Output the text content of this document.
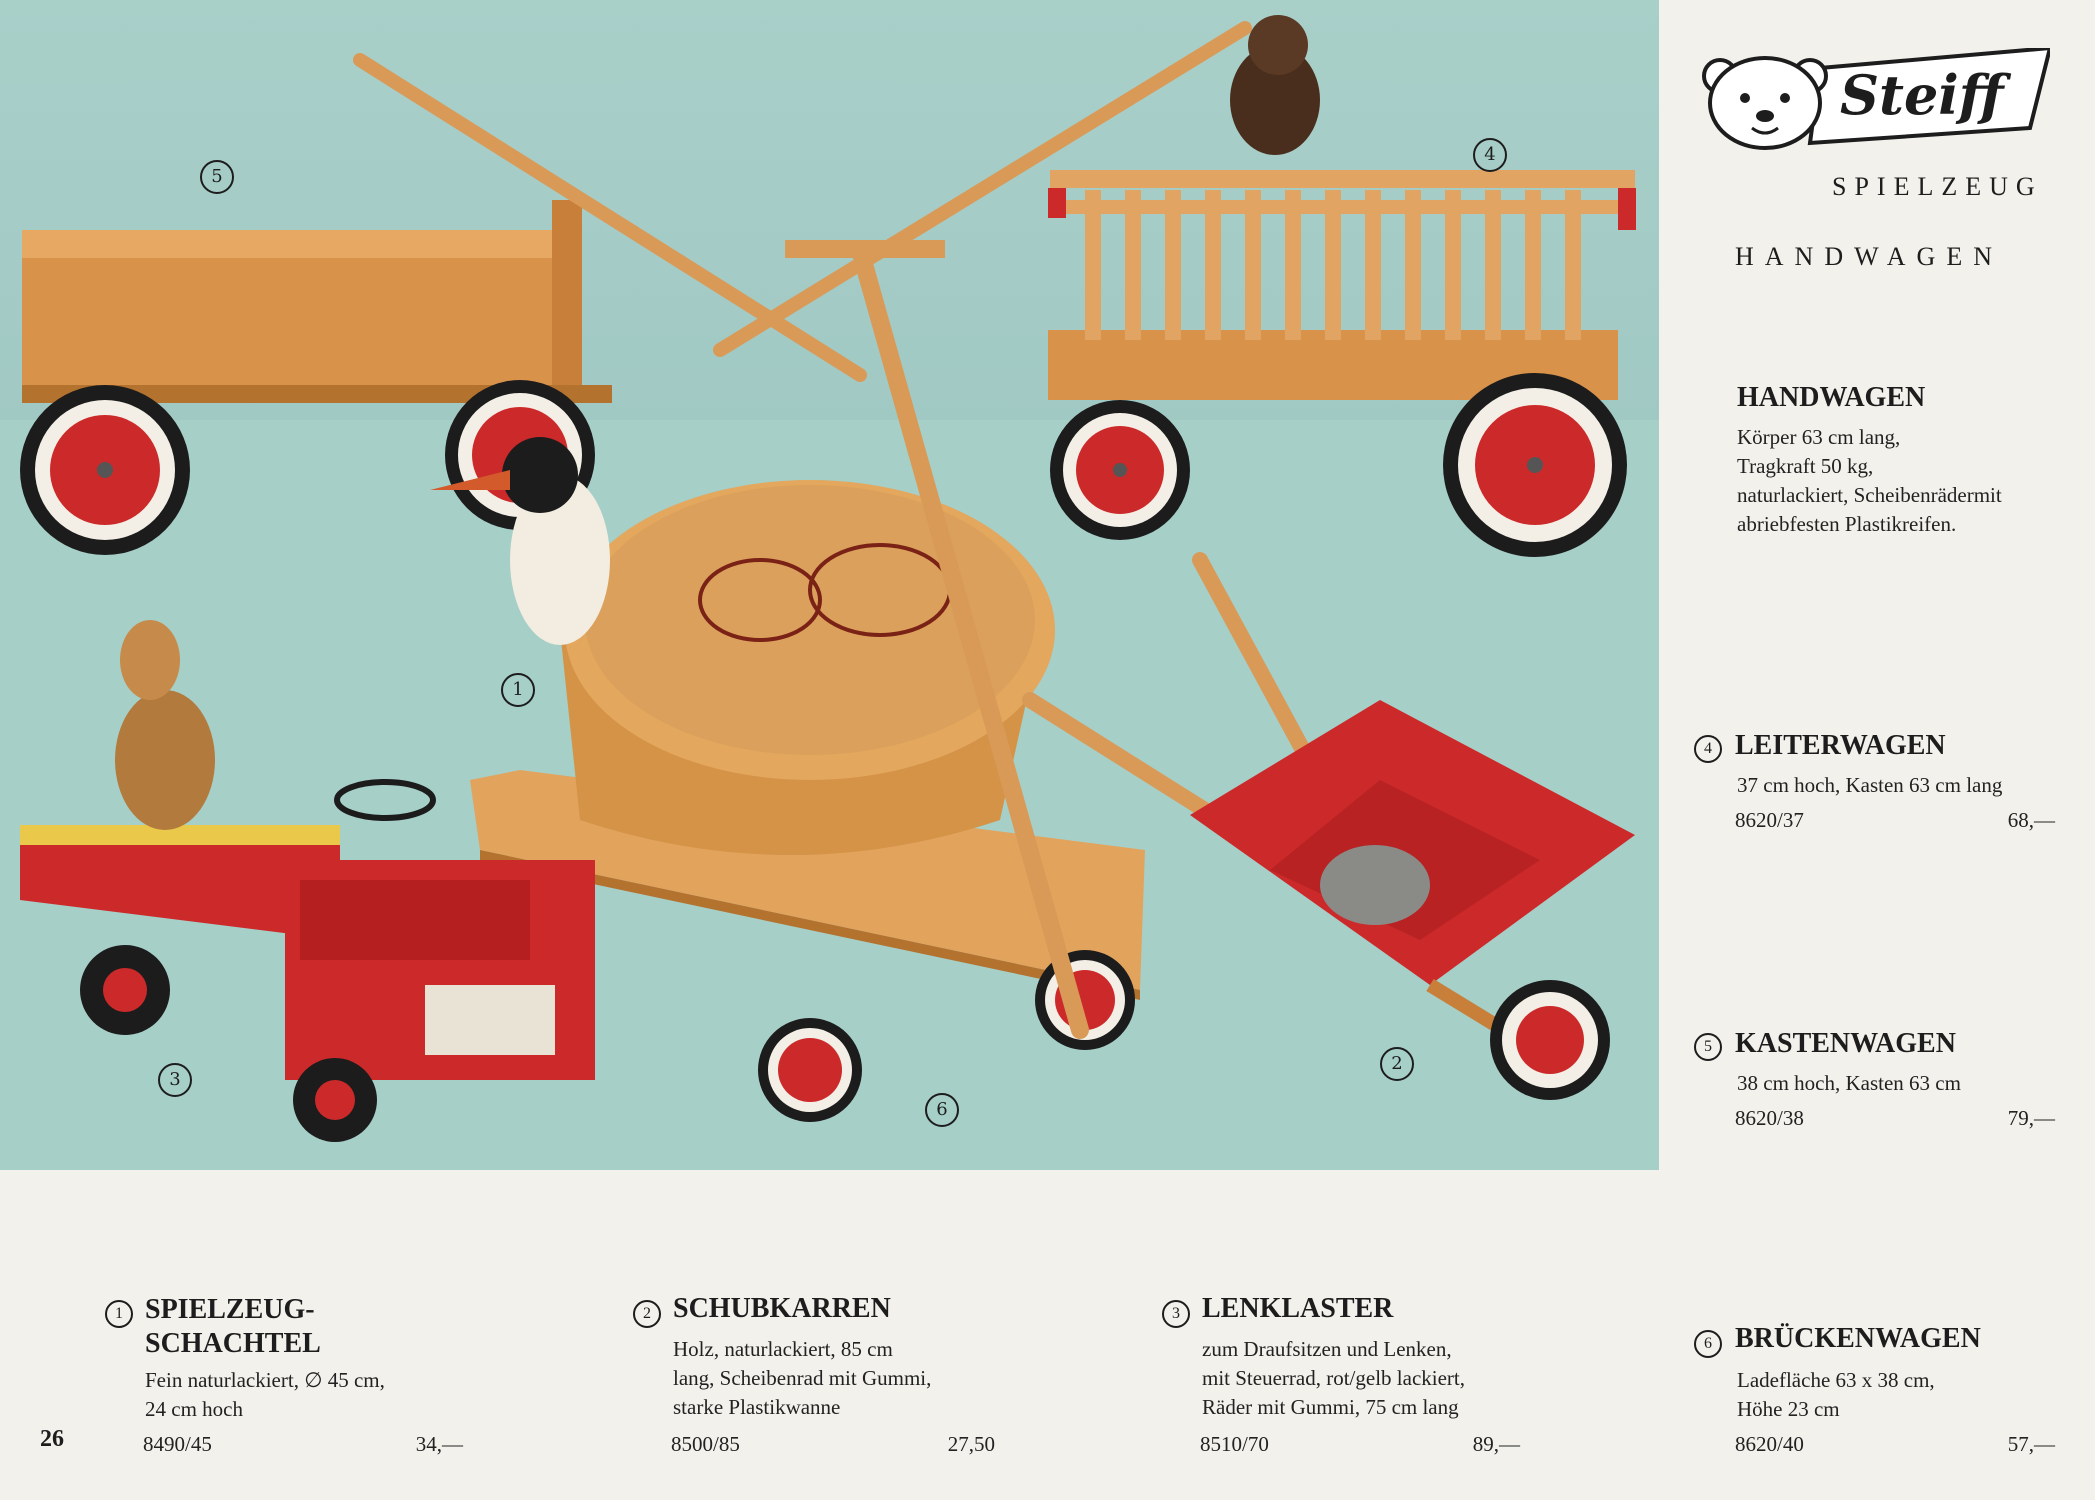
5
4
1
3
6
2
Steiff
SPIELZEUG
HANDWAGEN
HANDWAGEN
Körper 63 cm lang,
Tragkraft 50 kg,
naturlackiert, Scheibenrädermit
abriebfesten Plastikreifen.
4 LEITERWAGEN
37 cm hoch, Kasten 63 cm lang
8620/37	68,—
5 KASTENWAGEN
38 cm hoch, Kasten 63 cm
8620/38	79,—
1 SPIELZEUG-
SCHACHTEL
Fein naturlackiert, ∅ 45 cm,
24 cm hoch
8490/45	34,—
2 SCHUBKARREN
Holz, naturlackiert, 85 cm
lang, Scheibenrad mit Gummi,
starke Plastikwanne
8500/85	27,50
3 LENKLASTER
zum Draufsitzen und Lenken,
mit Steuerrad, rot/gelb lackiert,
Räder mit Gummi, 75 cm lang
8510/70	89,—
6 BRÜCKENWAGEN
Ladefläche 63 x 38 cm,
Höhe 23 cm
8620/40	57,—
26
